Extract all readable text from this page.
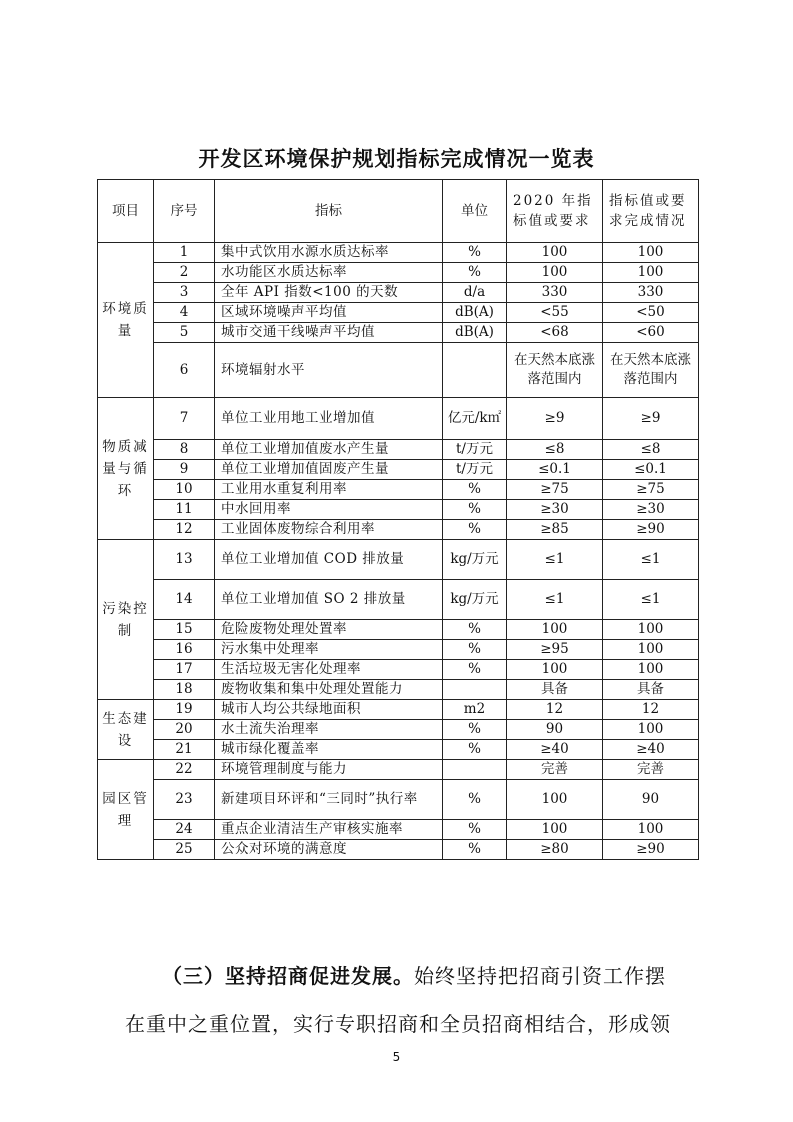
开发区环境保护规划指标完成情况一览表
项目	序号	指标	单位	2020 年指标值或要求	指标值或要求完成情况
环境质量	1	集中式饮用水源水质达标率	%	100	100
	2	水功能区水质达标率	%	100	100
	3	全年 API 指数<100 的天数	d/a	330	330
	4	区域环境噪声平均值	dB(A)	<55	<50
	5	城市交通干线噪声平均值	dB(A)	<68	<60
	6	环境辐射水平		在天然本底涨落范围内	在天然本底涨落范围内
物质减量与循环	7	单位工业用地工业增加值	亿元/k㎡	≥9	≥9
	8	单位工业增加值废水产生量	t/万元	≤8	≤8
	9	单位工业增加值固废产生量	t/万元	≤0.1	≤0.1
	10	工业用水重复利用率	%	≥75	≥75
	11	中水回用率	%	≥30	≥30
	12	工业固体废物综合利用率	%	≥85	≥90
污染控制	13	单位工业增加值 COD 排放量	kg/万元	≤1	≤1
	14	单位工业增加值 SO 2 排放量	kg/万元	≤1	≤1
	15	危险废物处理处置率	%	100	100
	16	污水集中处理率	%	≥95	100
	17	生活垃圾无害化处理率	%	100	100
	18	废物收集和集中处理处置能力		具备	具备
生态建设	19	城市人均公共绿地面积	m2	12	12
	20	水土流失治理率	%	90	100
	21	城市绿化覆盖率	%	≥40	≥40
园区管理	22	环境管理制度与能力		完善	完善
	23	新建项目环评和“三同时”执行率	%	100	90
	24	重点企业清洁生产审核实施率	%	100	100
	25	公众对环境的满意度	%	≥80	≥90
（三）坚持招商促进发展。始终坚持把招商引资工作摆
在重中之重位置，实行专职招商和全员招商相结合，形成领
5
